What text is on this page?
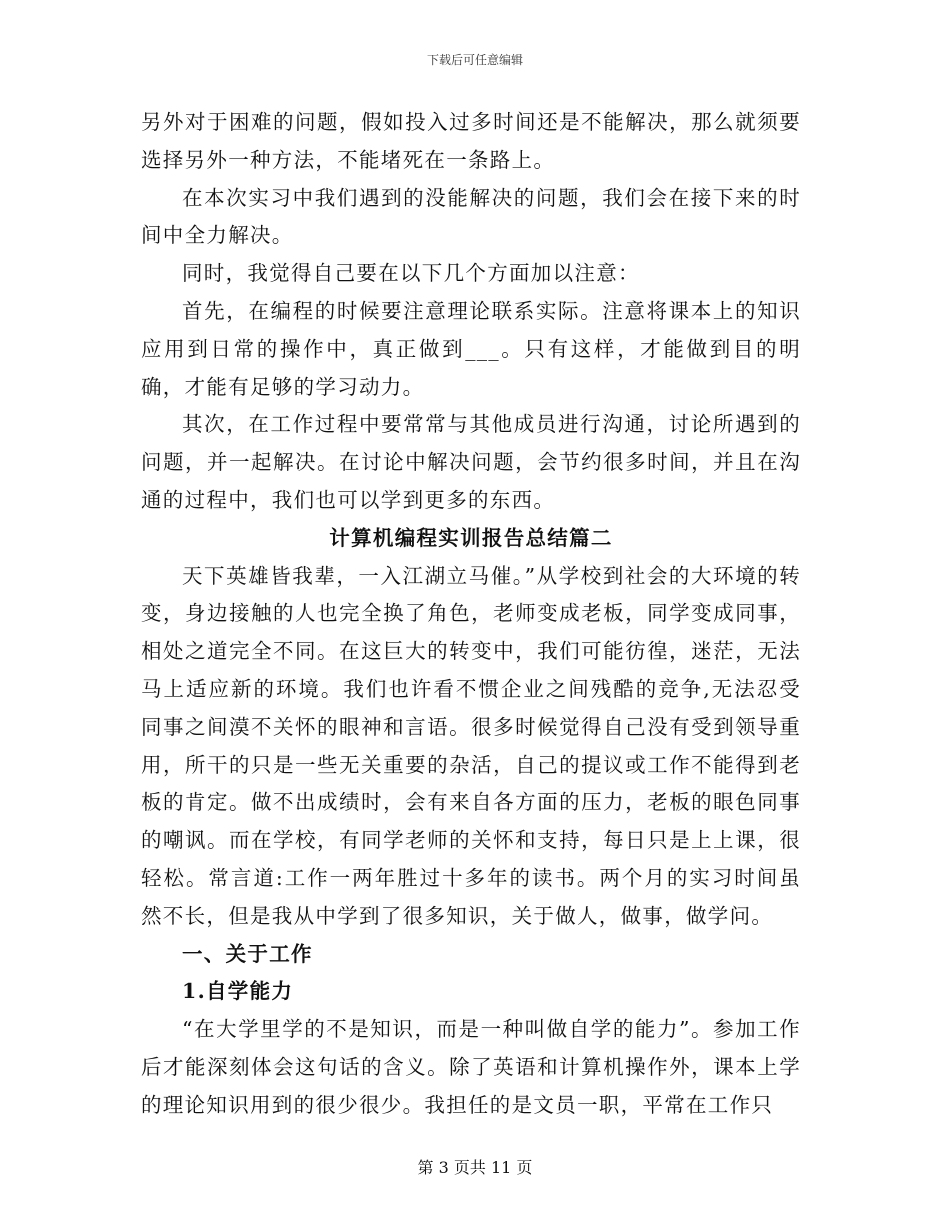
下载后可任意编辑

另外对于困难的问题，假如投入过多时间还是不能解决，那么就须要选择另外一种方法，不能堵死在一条路上。

在本次实习中我们遇到的没能解决的问题，我们会在接下来的时间中全力解决。

同时，我觉得自己要在以下几个方面加以注意：

首先，在编程的时候要注意理论联系实际。注意将课本上的知识应用到日常的操作中，真正做到___。只有这样，才能做到目的明确，才能有足够的学习动力。

其次，在工作过程中要常常与其他成员进行沟通，讨论所遇到的问题，并一起解决。在讨论中解决问题，会节约很多时间，并且在沟通的过程中，我们也可以学到更多的东西。

计算机编程实训报告总结篇二

天下英雄皆我辈，一入江湖立马催。”从学校到社会的大环境的转变，身边接触的人也完全换了角色，老师变成老板，同学变成同事，相处之道完全不同。在这巨大的转变中，我们可能彷徨，迷茫，无法马上适应新的环境。我们也许看不惯企业之间残酷的竞争,无法忍受同事之间漠不关怀的眼神和言语。很多时候觉得自己没有受到领导重用，所干的只是一些无关重要的杂活，自己的提议或工作不能得到老板的肯定。做不出成绩时，会有来自各方面的压力，老板的眼色同事的嘲讽。而在学校，有同学老师的关怀和支持，每日只是上上课，很轻松。常言道:工作一两年胜过十多年的读书。两个月的实习时间虽然不长，但是我从中学到了很多知识，关于做人，做事，做学问。

一、关于工作

1.自学能力

“在大学里学的不是知识，而是一种叫做自学的能力”。参加工作后才能深刻体会这句话的含义。除了英语和计算机操作外，课本上学的理论知识用到的很少很少。我担任的是文员一职，平常在工作只

第 3 页共 11 页
